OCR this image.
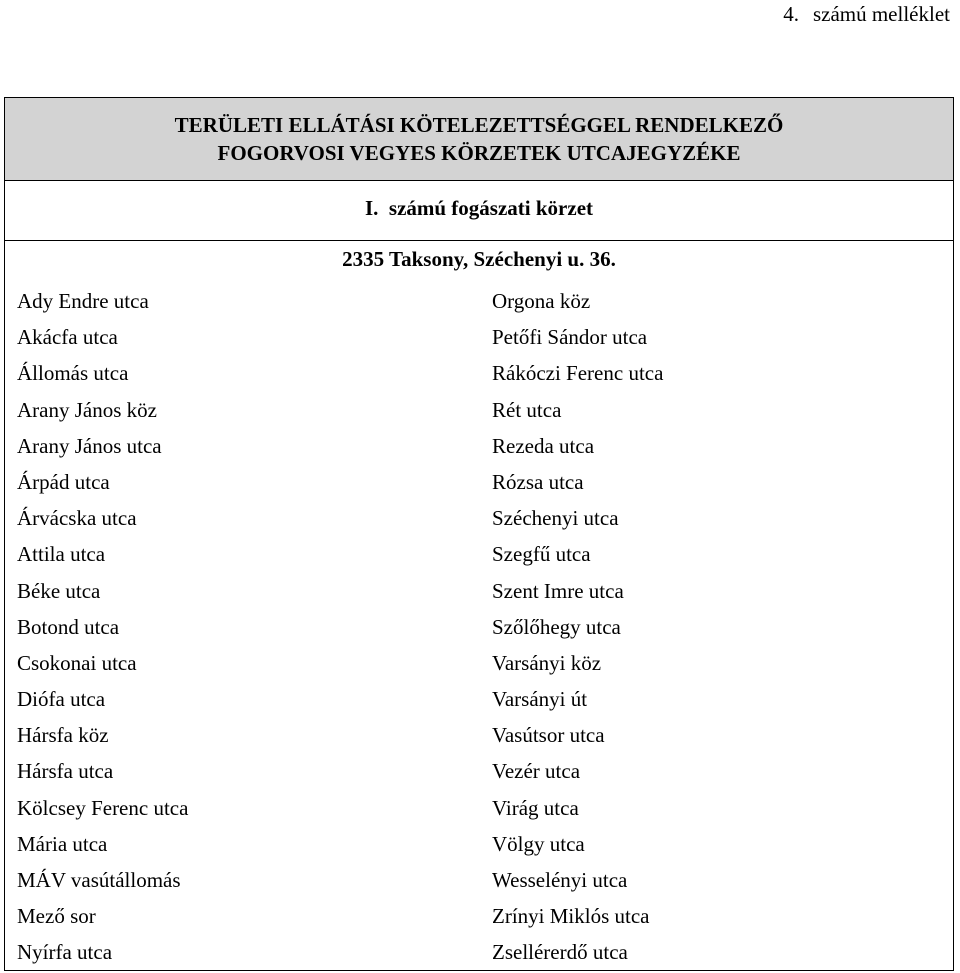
4. számú melléklet
TERÜLETI ELLÁTÁSI KÖTELEZETTSÉGGEL RENDELKEZŐ
FOGORVOSI VEGYES KÖRZETEK UTCAJEGYZÉKE
I.  számú fogászati körzet
2335 Taksony, Széchenyi u. 36.
Ady Endre utca
Akácfa utca
Állomás utca
Arany János köz
Arany János utca
Árpád utca
Árvácska utca
Attila utca
Béke utca
Botond utca
Csokonai utca
Diófa utca
Hársfa köz
Hársfa utca
Kölcsey Ferenc utca
Mária utca
MÁV vasútállomás
Mező sor
Nyírfa utca
Orgona köz
Petőfi Sándor utca
Rákóczi Ferenc utca
Rét utca
Rezeda utca
Rózsa utca
Széchenyi utca
Szegfű utca
Szent Imre utca
Szőlőhegy utca
Varsányi köz
Varsányi út
Vasútsor utca
Vezér utca
Virág utca
Völgy utca
Wesselényi utca
Zrínyi Miklós utca
Zsellérerdő utca
